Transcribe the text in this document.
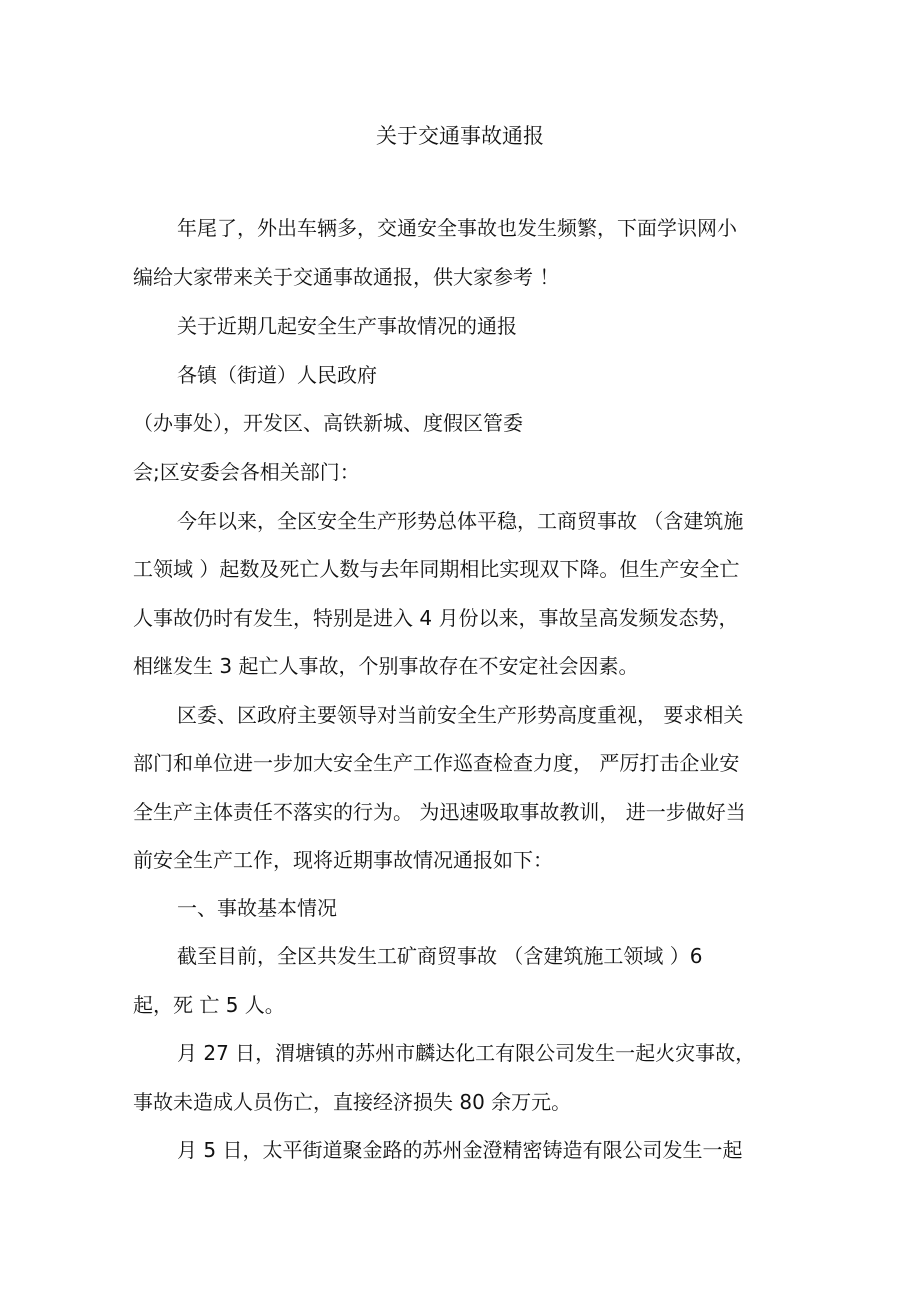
关于交通事故通报
年尾了，外出车辆多，交通安全事故也发生频繁，下面学识网小
编给大家带来关于交通事故通报，供大家参考 ！
关于近期几起安全生产事故情况的通报
各镇（街道）人民政府
（办事处），开发区、高铁新城、度假区管委
会;区安委会各相关部门：
今年以来，全区安全生产形势总体平稳，工商贸事故 （含建筑施
工领域 ）起数及死亡人数与去年同期相比实现双下降。但生产安全亡
人事故仍时有发生，特别是进入 4 月份以来，事故呈高发频发态势，
相继发生 3 起亡人事故，个别事故存在不安定社会因素。
区委、区政府主要领导对当前安全生产形势高度重视， 要求相关
部门和单位进一步加大安全生产工作巡查检查力度， 严厉打击企业安
全生产主体责任不落实的行为。 为迅速吸取事故教训， 进一步做好当
前安全生产工作，现将近期事故情况通报如下：
一、事故基本情况
截至目前，全区共发生工矿商贸事故 （含建筑施工领域 ）6
起，死 亡 5 人。
月 27 日，渭塘镇的苏州市麟达化工有限公司发生一起火灾事故，
事故未造成人员伤亡，直接经济损失 80 余万元。
月 5 日，太平街道聚金路的苏州金澄精密铸造有限公司发生一起
